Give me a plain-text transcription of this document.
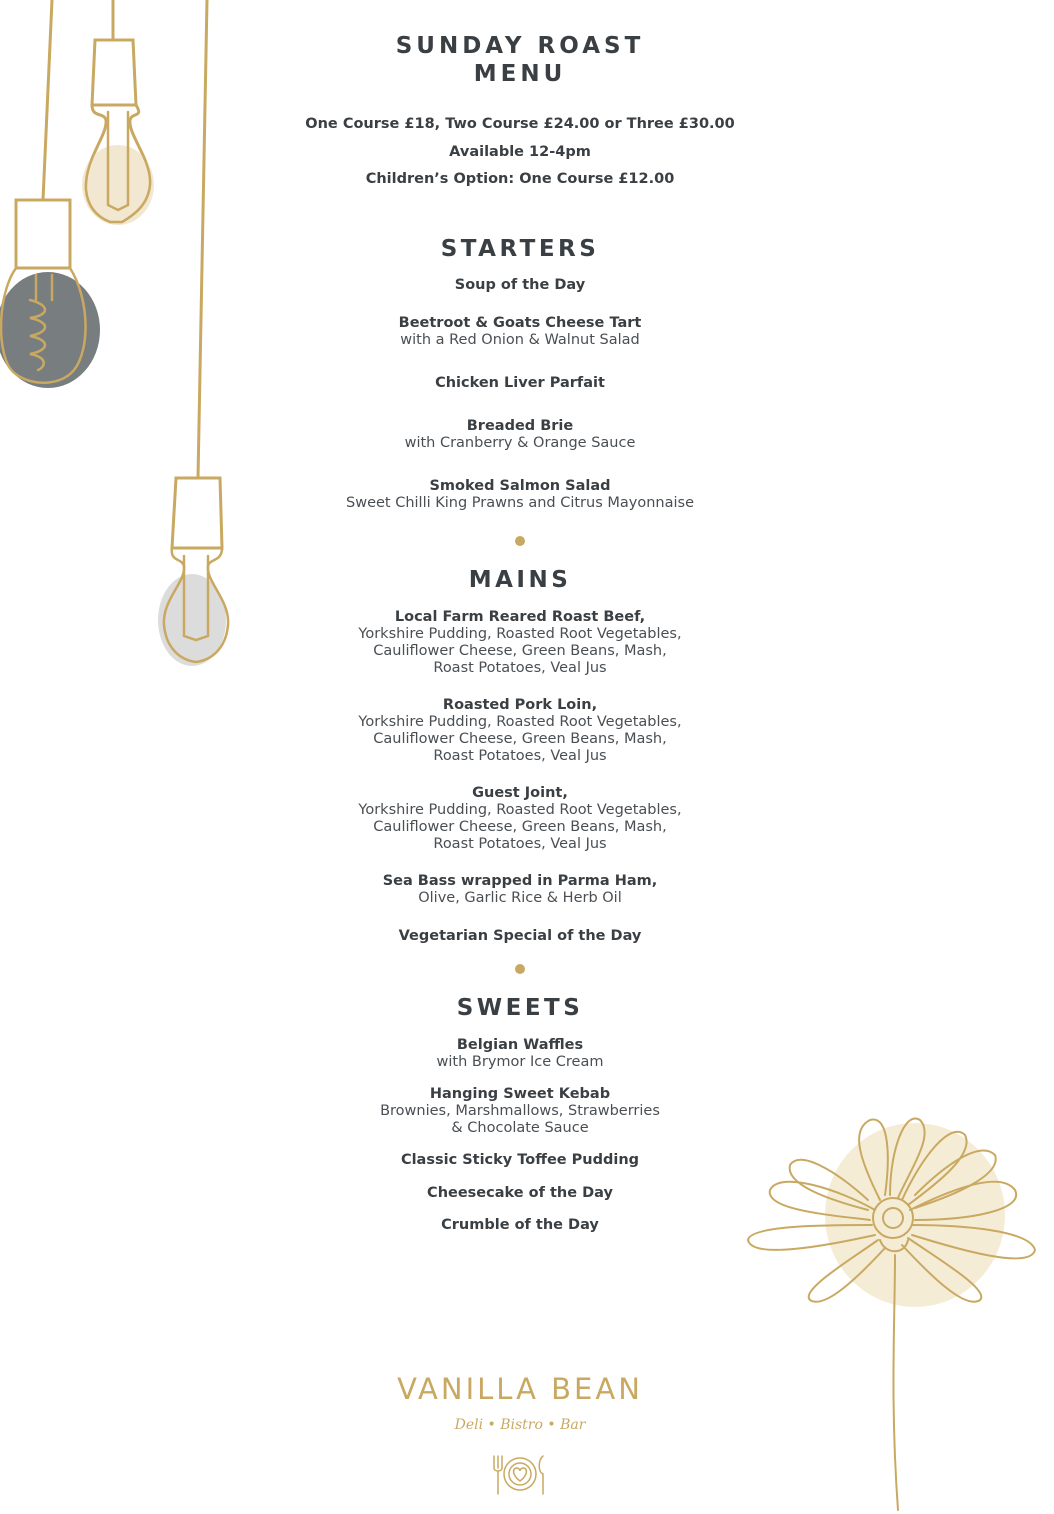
SUNDAY ROAST
MENU
One Course £18, Two Course £24.00 or Three £30.00
Available 12-4pm
Children’s Option: One Course £12.00
STARTERS
Soup of the Day
Beetroot & Goats Cheese Tart
with a Red Onion & Walnut Salad
Chicken Liver Parfait
Breaded Brie
with Cranberry & Orange Sauce
Smoked Salmon Salad
Sweet Chilli King Prawns and Citrus Mayonnaise
MAINS
Local Farm Reared Roast Beef,
Yorkshire Pudding, Roasted Root Vegetables,
Cauliflower Cheese, Green Beans, Mash,
Roast Potatoes, Veal Jus
Roasted Pork Loin,
Yorkshire Pudding, Roasted Root Vegetables,
Cauliflower Cheese, Green Beans, Mash,
Roast Potatoes, Veal Jus
Guest Joint,
Yorkshire Pudding, Roasted Root Vegetables,
Cauliflower Cheese, Green Beans, Mash,
Roast Potatoes, Veal Jus
Sea Bass wrapped in Parma Ham,
Olive, Garlic Rice & Herb Oil
Vegetarian Special of the Day
SWEETS
Belgian Waffles
with Brymor Ice Cream
Hanging Sweet Kebab
Brownies, Marshmallows, Strawberries
& Chocolate Sauce
Classic Sticky Toffee Pudding
Cheesecake of the Day
Crumble of the Day
VANILLA BEAN
Deli • Bistro • Bar
